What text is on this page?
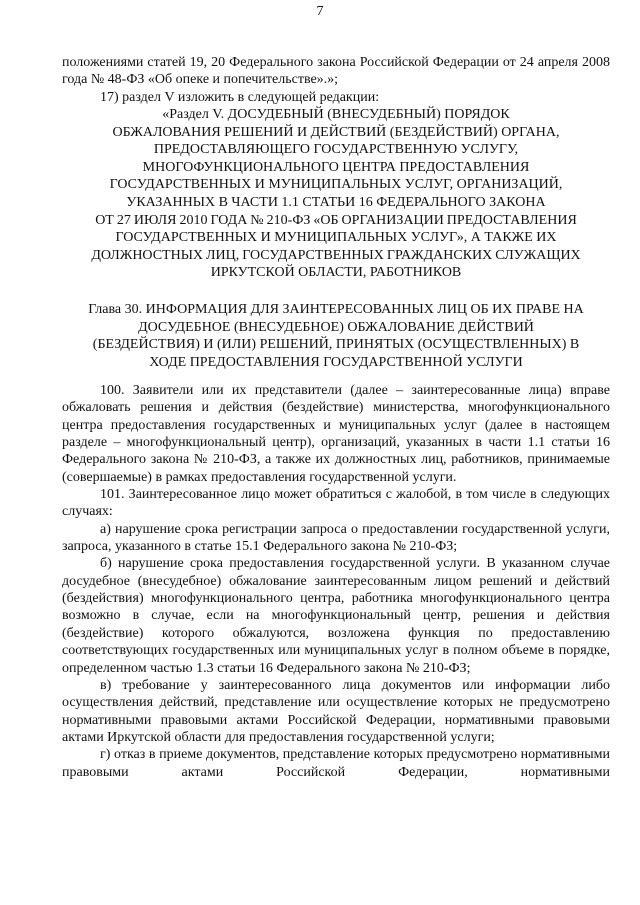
7

положениями статей 19, 20 Федерального закона Российской Федерации от 24 апреля 2008 года № 48-ФЗ «Об опеке и попечительстве».»;

17) раздел V изложить в следующей редакции:

«Раздел V. ДОСУДЕБНЫЙ (ВНЕСУДЕБНЫЙ) ПОРЯДОК

ОБЖАЛОВАНИЯ РЕШЕНИЙ И ДЕЙСТВИЙ (БЕЗДЕЙСТВИЙ) ОРГАНА,

ПРЕДОСТАВЛЯЮЩЕГО ГОСУДАРСТВЕННУЮ УСЛУГУ,

МНОГОФУНКЦИОНАЛЬНОГО ЦЕНТРА ПРЕДОСТАВЛЕНИЯ

ГОСУДАРСТВЕННЫХ И МУНИЦИПАЛЬНЫХ УСЛУГ, ОРГАНИЗАЦИЙ,

УКАЗАННЫХ В ЧАСТИ 1.1 СТАТЬИ 16 ФЕДЕРАЛЬНОГО ЗАКОНА

ОТ 27 ИЮЛЯ 2010 ГОДА № 210-ФЗ «ОБ ОРГАНИЗАЦИИ ПРЕДОСТАВЛЕНИЯ

ГОСУДАРСТВЕННЫХ И МУНИЦИПАЛЬНЫХ УСЛУГ», А ТАКЖЕ ИХ

ДОЛЖНОСТНЫХ ЛИЦ, ГОСУДАРСТВЕННЫХ ГРАЖДАНСКИХ СЛУЖАЩИХ

ИРКУТСКОЙ ОБЛАСТИ, РАБОТНИКОВ

Глава 30. ИНФОРМАЦИЯ ДЛЯ ЗАИНТЕРЕСОВАННЫХ ЛИЦ ОБ ИХ ПРАВЕ НА

ДОСУДЕБНОЕ (ВНЕСУДЕБНОЕ) ОБЖАЛОВАНИЕ ДЕЙСТВИЙ

(БЕЗДЕЙСТВИЯ) И (ИЛИ) РЕШЕНИЙ, ПРИНЯТЫХ (ОСУЩЕСТВЛЕННЫХ) В

ХОДЕ ПРЕДОСТАВЛЕНИЯ ГОСУДАРСТВЕННОЙ УСЛУГИ

100. Заявители или их представители (далее – заинтересованные лица) вправе обжаловать решения и действия (бездействие) министерства, многофункционального центра предоставления государственных и муниципальных услуг (далее в настоящем разделе – многофункциональный центр), организаций, указанных в части 1.1 статьи 16 Федерального закона № 210-ФЗ, а также их должностных лиц, работников, принимаемые (совершаемые) в рамках предоставления государственной услуги.

101. Заинтересованное лицо может обратиться с жалобой, в том числе в следующих случаях:

а) нарушение срока регистрации запроса о предоставлении государственной услуги, запроса, указанного в статье 15.1 Федерального закона № 210-ФЗ;

б) нарушение срока предоставления государственной услуги. В указанном случае досудебное (внесудебное) обжалование заинтересованным лицом решений и действий (бездействия) многофункционального центра, работника многофункционального центра возможно в случае, если на многофункциональный центр, решения и действия (бездействие) которого обжалуются, возложена функция по предоставлению соответствующих государственных или муниципальных услуг в полном объеме в порядке, определенном частью 1.3 статьи 16 Федерального закона № 210-ФЗ;

в) требование у заинтересованного лица документов или информации либо осуществления действий, представление или осуществление которых не предусмотрено нормативными правовыми актами Российской Федерации, нормативными правовыми актами Иркутской области для предоставления государственной услуги;

г) отказ в приеме документов, представление которых предусмотрено нормативными правовыми актами Российской Федерации, нормативными
